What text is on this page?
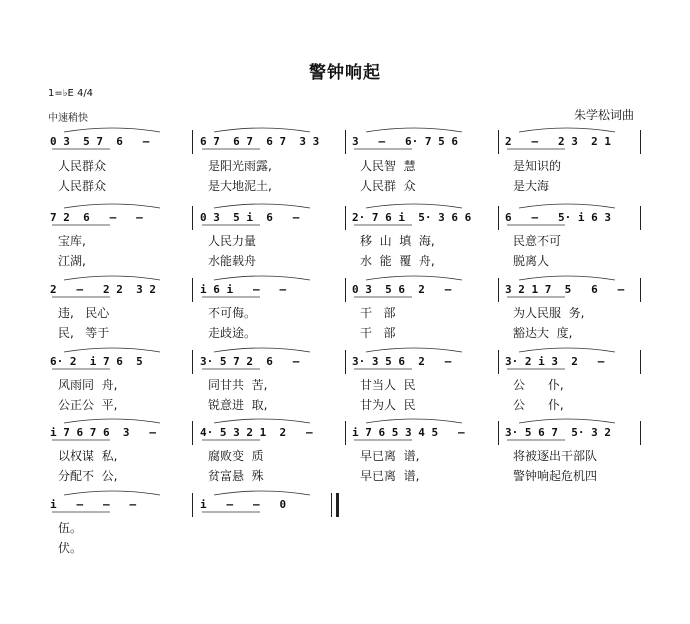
警钟响起
1=♭E 4/4
中速稍快	朱学松词曲
0 3  5 7  6   –
人民群众
人民群众
6 7  6 7  6 7  3 3
是阳光雨露,
是大地泥土,
3   –   6· 7 5 6
人民智  慧
人民群  众
2   –   2 3  2 1
是知识的
是大海
7 2  6   –   –
宝库,
江湖,
0 3  5 i  6   –
人民力量
水能载舟
2· 7 6 i  5· 3 6 6
移  山  填  海,
水  能  覆  舟,
6   –   5· i 6 3
民意不可
脱离人
2   –   2 2  3 2
违,   民心
民,   等于
i 6 i   –   –
不可侮。
走歧途。
0 3  5 6  2   –
干   部
干   部
3 2 1 7  5   6   –
为人民服  务,
豁达大  度,
6· 2  i 7 6  5
风雨同  舟,
公正公  平,
3· 5 7 2  6   –
同甘共  苦,
锐意进  取,
3· 3 5 6  2   –
甘当人  民
甘为人  民
3· 2 i 3  2   –
公      仆,
公      仆,
i 7 6 7 6  3   –
以权谋  私,
分配不  公,
4· 5 3 2 1  2   –
腐败变  质
贫富悬  殊
i 7 6 5 3 4 5   –
早已离  谱,
早已离  谱,
3· 5 6 7  5· 3 2
将被逐出干部队
警钟响起危机四
i   –   –   –
伍。
伏。
i   –   –   0
